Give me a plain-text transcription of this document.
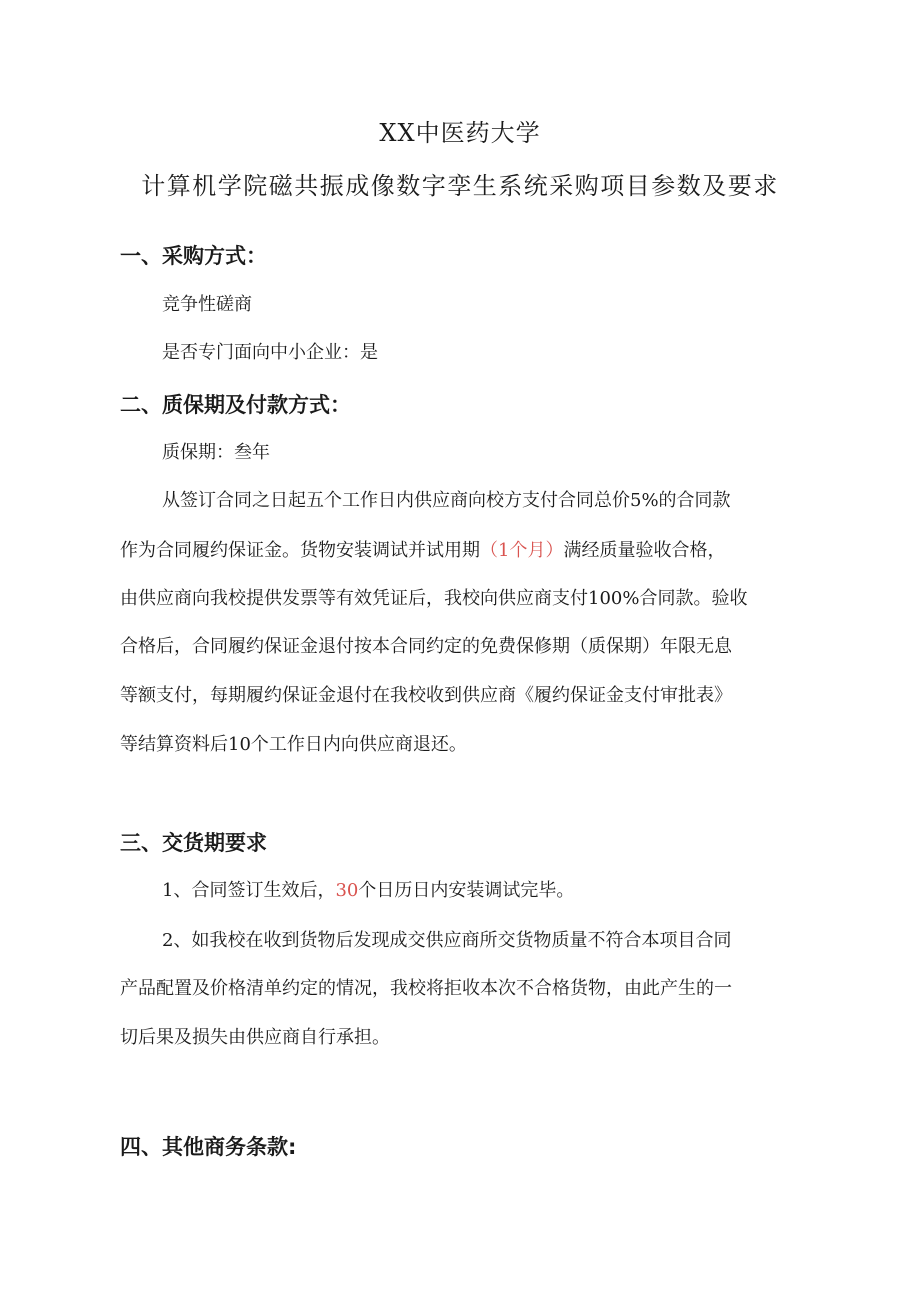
XX中医药大学
计算机学院磁共振成像数字孪生系统采购项目参数及要求
一、采购方式：
竞争性磋商
是否专门面向中小企业：是
二、质保期及付款方式：
质保期：叁年
从签订合同之日起五个工作日内供应商向校方支付合同总价5%的合同款
作为合同履约保证金。货物安装调试并试用期（1个月）满经质量验收合格，
由供应商向我校提供发票等有效凭证后，我校向供应商支付100%合同款。验收
合格后，合同履约保证金退付按本合同约定的免费保修期（质保期）年限无息
等额支付，每期履约保证金退付在我校收到供应商《履约保证金支付审批表》
等结算资料后10个工作日内向供应商退还。
三、交货期要求
1、合同签订生效后，30个日历日内安装调试完毕。
2、如我校在收到货物后发现成交供应商所交货物质量不符合本项目合同
产品配置及价格清单约定的情况，我校将拒收本次不合格货物，由此产生的一
切后果及损失由供应商自行承担。
四、其他商务条款:
